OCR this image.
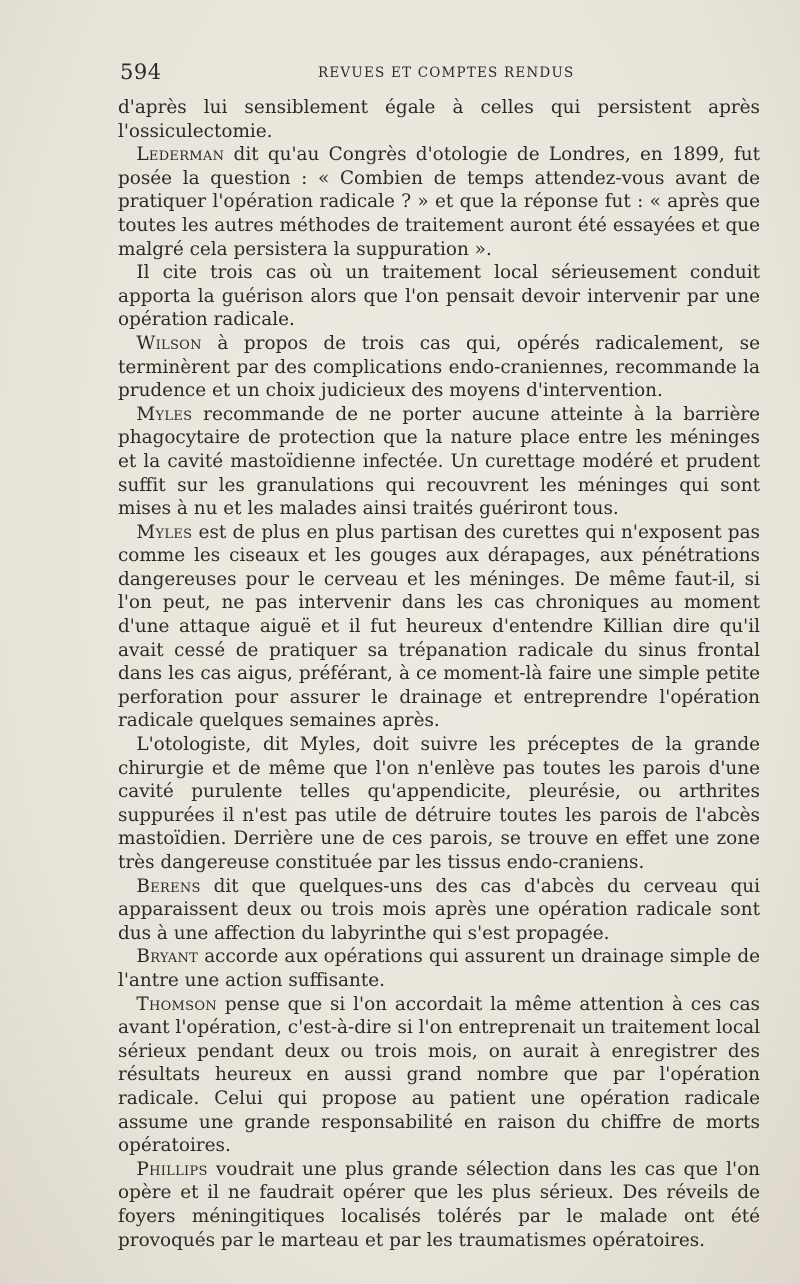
594	REVUES ET COMPTES RENDUS

d'après lui sensiblement égale à celles qui persistent après l'ossiculectomie.

 Lederman dit qu'au Congrès d'otologie de Londres, en 1899, fut posée la question : « Combien de temps attendez-vous avant de pratiquer l'opération radicale ? » et que la réponse fut : « après que toutes les autres méthodes de traitement auront été essayées et que malgré cela persistera la suppuration ».

 Il cite trois cas où un traitement local sérieusement conduit apporta la guérison alors que l'on pensait devoir intervenir par une opération radicale.

 Wilson à propos de trois cas qui, opérés radicalement, se terminèrent par des complications endo-craniennes, recommande la prudence et un choix judicieux des moyens d'intervention.

 Myles recommande de ne porter aucune atteinte à la barrière phagocytaire de protection que la nature place entre les méninges et la cavité mastoïdienne infectée. Un curettage modéré et prudent suffit sur les granulations qui recouvrent les méninges qui sont mises à nu et les malades ainsi traités guériront tous.

 Myles est de plus en plus partisan des curettes qui n'exposent pas comme les ciseaux et les gouges aux dérapages, aux pénétrations dangereuses pour le cerveau et les méninges. De même faut-il, si l'on peut, ne pas intervenir dans les cas chroniques au moment d'une attaque aiguë et il fut heureux d'entendre Killian dire qu'il avait cessé de pratiquer sa trépanation radicale du sinus frontal dans les cas aigus, préférant, à ce moment-là faire une simple petite perforation pour assurer le drainage et entreprendre l'opération radicale quelques semaines après.

 L'otologiste, dit Myles, doit suivre les préceptes de la grande chirurgie et de même que l'on n'enlève pas toutes les parois d'une cavité purulente telles qu'appendicite, pleurésie, ou arthrites suppurées il n'est pas utile de détruire toutes les parois de l'abcès mastoïdien. Derrière une de ces parois, se trouve en effet une zone très dangereuse constituée par les tissus endo-craniens.

 Berens dit que quelques-uns des cas d'abcès du cerveau qui apparaissent deux ou trois mois après une opération radicale sont dus à une affection du labyrinthe qui s'est propagée.

 Bryant accorde aux opérations qui assurent un drainage simple de l'antre une action suffisante.

 Thomson pense que si l'on accordait la même attention à ces cas avant l'opération, c'est-à-dire si l'on entreprenait un traitement local sérieux pendant deux ou trois mois, on aurait à enregistrer des résultats heureux en aussi grand nombre que par l'opération radicale. Celui qui propose au patient une opération radicale assume une grande responsabilité en raison du chiffre de morts opératoires.

 Phillips voudrait une plus grande sélection dans les cas que l'on opère et il ne faudrait opérer que les plus sérieux. Des réveils de foyers méningitiques localisés tolérés par le malade ont été provoqués par le marteau et par les traumatismes opératoires.
